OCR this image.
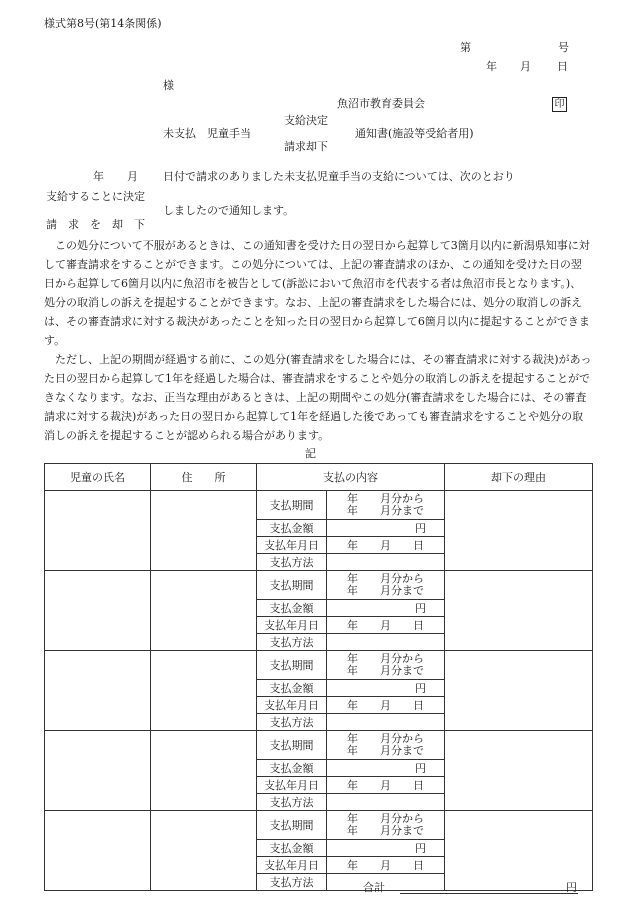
様式第8号(第14条関係)
第	号
年 月 日
様
魚沼市教育委員会	印
支給決定
未支払　児童手当	通知書(施設等受給者用)
請求却下
年 月 日付で請求のありました未支払児童手当の支給については、次のとおり
支給することに決定
しましたので通知します。
請　求　を　却　下

この処分について不服があるときは、この通知書を受けた日の翌日から起算して3箇月以内に新潟県知事に対して審査請求をすることができます。この処分については、上記の審査請求のほか、この通知を受けた日の翌日から起算して6箇月以内に魚沼市を被告として(訴訟において魚沼市を代表する者は魚沼市長となります。)、処分の取消しの訴えを提起することができます。なお、上記の審査請求をした場合には、処分の取消しの訴えは、その審査請求に対する裁決があったことを知った日の翌日から起算して6箇月以内に提起することができます。

ただし、上記の期間が経過する前に、この処分(審査請求をした場合には、その審査請求に対する裁決)があった日の翌日から起算して1年を経過した場合は、審査請求をすることや処分の取消しの訴えを提起することができなくなります。なお、正当な理由があるときは、上記の期間やこの処分(審査請求をした場合には、その審査請求に対する裁決)があった日の翌日から起算して1年を経過した後であっても審査請求をすることや処分の取消しの訴えを提起することが認められる場合があります。

記
児童の氏名	住　　所	支払の内容		却下の理由
		支払期間	年　　月分から
年　　月分まで	

		支払金額	円	
		支払年月日	年　　月　　日	
		支払方法		
		支払期間	年　　月分から
年　　月分まで	

		支払金額	円	
		支払年月日	年　　月　　日	
		支払方法		
		支払期間	年　　月分から
年　　月分まで	

		支払金額	円	
		支払年月日	年　　月　　日	
		支払方法		
		支払期間	年　　月分から
年　　月分まで	

		支払金額	円	
		支払年月日	年　　月　　日	
		支払方法		
		支払期間	年　　月分から
年　　月分まで	

		支払金額	円	
		支払年月日	年　　月　　日	
		支払方法			合計	円
